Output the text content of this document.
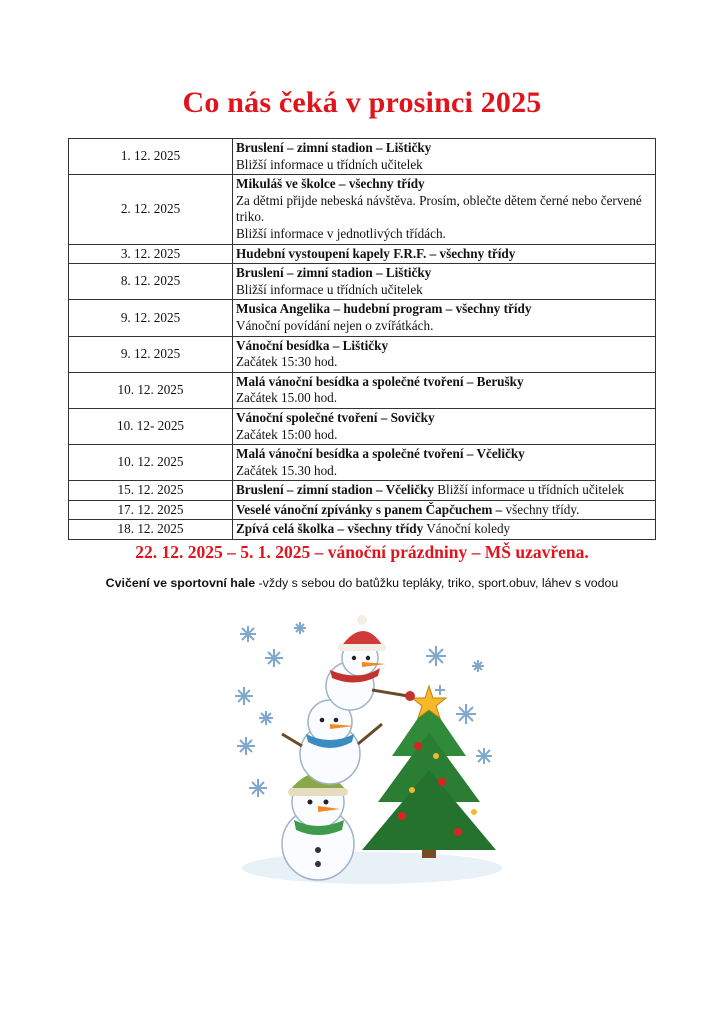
Co nás čeká v prosinci 2025
1. 12. 2025	Bruslení – zimní stadion – Lištičky
Bližší informace u třídních učitelek

2. 12. 2025	Mikuláš ve školce – všechny třídy
Za dětmi přijde nebeská návštěva. Prosím, oblečte dětem černé nebo červené triko.
Bližší informace v jednotlivých třídách.

3. 12. 2025	Hudební vystoupení kapely F.R.F. – všechny třídy

8. 12. 2025	Bruslení – zimní stadion – Lištičky
Bližší informace u třídních učitelek

9. 12. 2025	Musica Angelika – hudební program – všechny třídy
Vánoční povídání nejen o zvířátkách.

9. 12. 2025	Vánoční besídka – Lištičky
Začátek 15:30 hod.

10. 12. 2025	Malá vánoční besídka a společné tvoření – Berušky
Začátek 15.00 hod.

10. 12- 2025	Vánoční společné tvoření – Sovičky
Začátek 15:00 hod.

10. 12. 2025	Malá vánoční besídka a společné tvoření – Včeličky
Začátek 15.30 hod.

15. 12. 2025	Bruslení – zimní stadion – Včeličky Bližší informace u třídních učitelek

17. 12. 2025	Veselé vánoční zpívánky s panem Čapčuchem – všechny třídy.

18. 12. 2025	Zpívá celá školka – všechny třídy Vánoční koledy
22. 12. 2025 – 5. 1. 2025 – vánoční prázdniny – MŠ uzavřena.
Cvičení ve sportovní hale -vždy s sebou do batůžku tepláky, triko, sport.obuv, láhev s vodou
